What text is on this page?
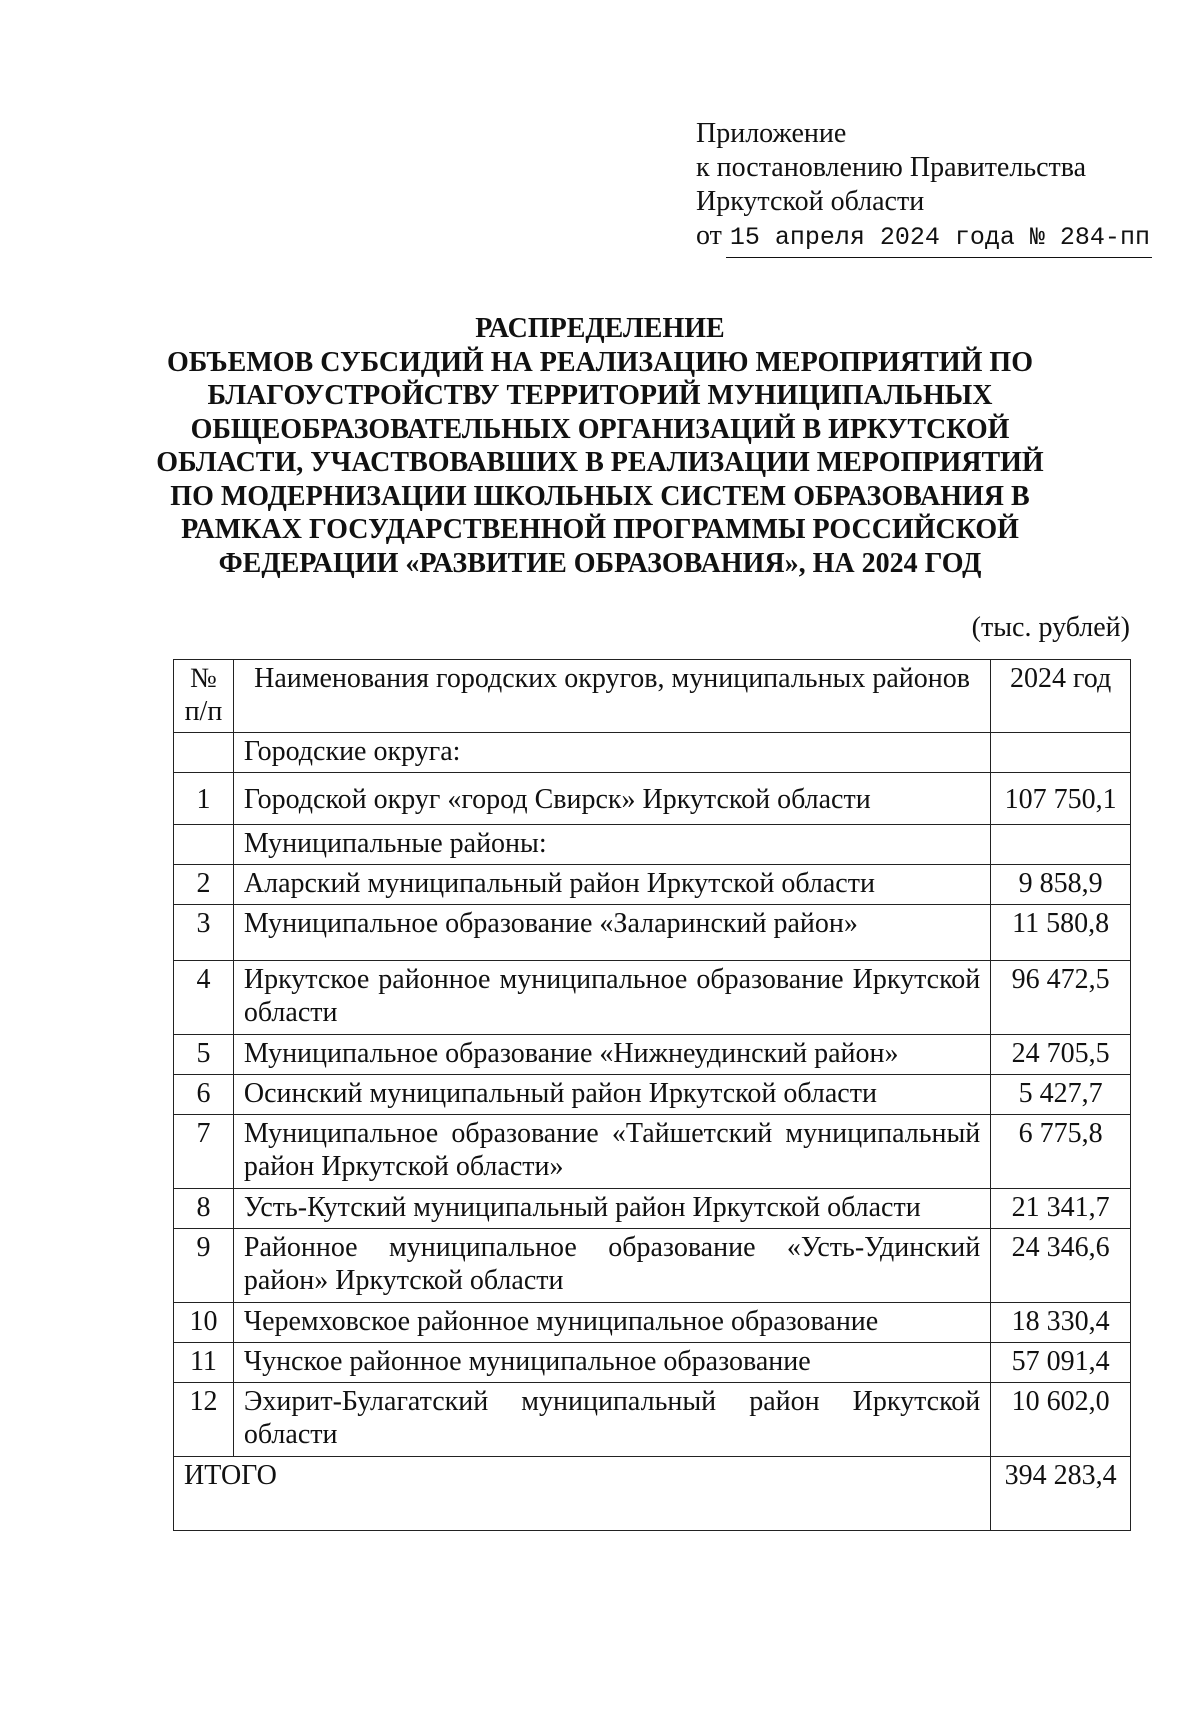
Приложение
к постановлению Правительства
Иркутской области
от 15 апреля 2024 года № 284-пп
РАСПРЕДЕЛЕНИЕ
ОБЪЕМОВ СУБСИДИЙ НА РЕАЛИЗАЦИЮ МЕРОПРИЯТИЙ ПО
БЛАГОУСТРОЙСТВУ ТЕРРИТОРИЙ МУНИЦИПАЛЬНЫХ
ОБЩЕОБРАЗОВАТЕЛЬНЫХ ОРГАНИЗАЦИЙ В ИРКУТСКОЙ
ОБЛАСТИ, УЧАСТВОВАВШИХ В РЕАЛИЗАЦИИ МЕРОПРИЯТИЙ
ПО МОДЕРНИЗАЦИИ ШКОЛЬНЫХ СИСТЕМ ОБРАЗОВАНИЯ В
РАМКАХ ГОСУДАРСТВЕННОЙ ПРОГРАММЫ РОССИЙСКОЙ
ФЕДЕРАЦИИ «РАЗВИТИЕ ОБРАЗОВАНИЯ», НА 2024 ГОД
(тыс. рублей)
№ п/п	Наименования городских округов, муниципальных районов	2024 год
	Городские округа:	
1	Городской округ «город Свирск» Иркутской области	107 750,1
	Муниципальные районы:	
2	Аларский муниципальный район Иркутской области	9 858,9
3	Муниципальное образование «Заларинский район»	11 580,8
4	Иркутское районное муниципальное образование Иркутской области	96 472,5
5	Муниципальное образование «Нижнеудинский район»	24 705,5
6	Осинский муниципальный район Иркутской области	5 427,7
7	Муниципальное образование «Тайшетский муниципальный район Иркутской области»	6 775,8
8	Усть-Кутский муниципальный район Иркутской области	21 341,7
9	Районное муниципальное образование «Усть-Удинский район» Иркутской области	24 346,6
10	Черемховское районное муниципальное образование	18 330,4
11	Чунское районное муниципальное образование	57 091,4
12	Эхирит-Булагатский муниципальный район Иркутской области	10 602,0
ИТОГО		394 283,4
